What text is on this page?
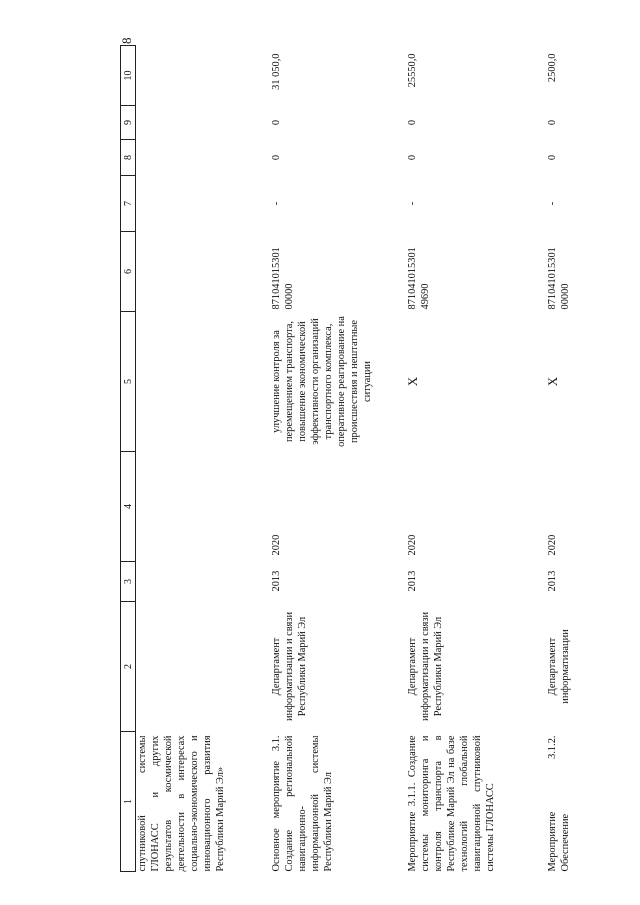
8
1	2	3	4	5	6	7	8	9	10
спутниковой системы ГЛОНАСС и других результатов космической деятельности в интересах социально-экономического и инновационного развития Республики Марий Эл»									
Основное мероприятие 3.1. Создание региональной навигационно-информационной системы Республики Марий Эл	Департамент информатизации и связи Республики Марий Эл	2013	2020	улучшение контроля за перемещением транспорта, повышение экономической эффективности организаций транспортного комплекса, оперативное реагирование на происшествия и нештатные ситуации	871041015301 00000	-	0	0	31 050,0
Мероприятие 3.1.1. Создание системы мониторинга и контроля транспорта в Республике Марий Эл на базе технологий глобальной навигационной спутниковой системы ГЛОНАСС	Департамент информатизации и связи Республики Марий Эл	2013	2020	X	871041015301 49690	-	0	0	25550,0
Мероприятие 3.1.2. Обеспечение	Департамент информатизации	2013	2020	X	871041015301 00000	-	0	0	2500,0
